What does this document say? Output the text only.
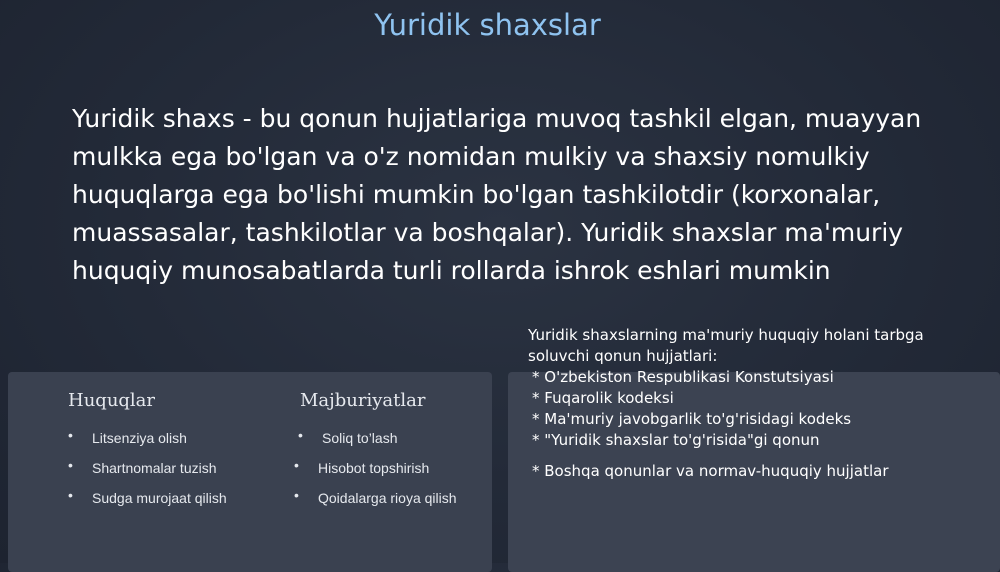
Yuridik shaxslar

Yuridik shaxs - bu qonun hujjatlariga muvoq tashkil elgan, muayyan mulkka ega bo'lgan va o'z nomidan mulkiy va shaxsiy nomulkiy huquqlarga ega bo'lishi mumkin bo'lgan tashkilotdir (korxonalar, muassasalar, tashkilotlar va boshqalar). Yuridik shaxslar ma'muriy huquqiy munosabatlarda turli rollarda ishrok eshlari mumkin

Huquqlar
• Litsenziya olish
• Shartnomalar tuzish
• Sudga murojaat qilish
Majburiyatlar
• Soliq to’lash
• Hisobot topshirish
• Qoidalarga rioya qilish
Yuridik shaxslarning ma'muriy huquqiy holani tarbga soluvchi qonun hujjatlari:
* O'zbekiston Respublikasi Konstutsiyasi
* Fuqarolik kodeksi
* Ma'muriy javobgarlik to'g'risidagi kodeks
* "Yuridik shaxslar to'g'risida"gi qonun
* Boshqa qonunlar va normav-huquqiy hujjatlar
